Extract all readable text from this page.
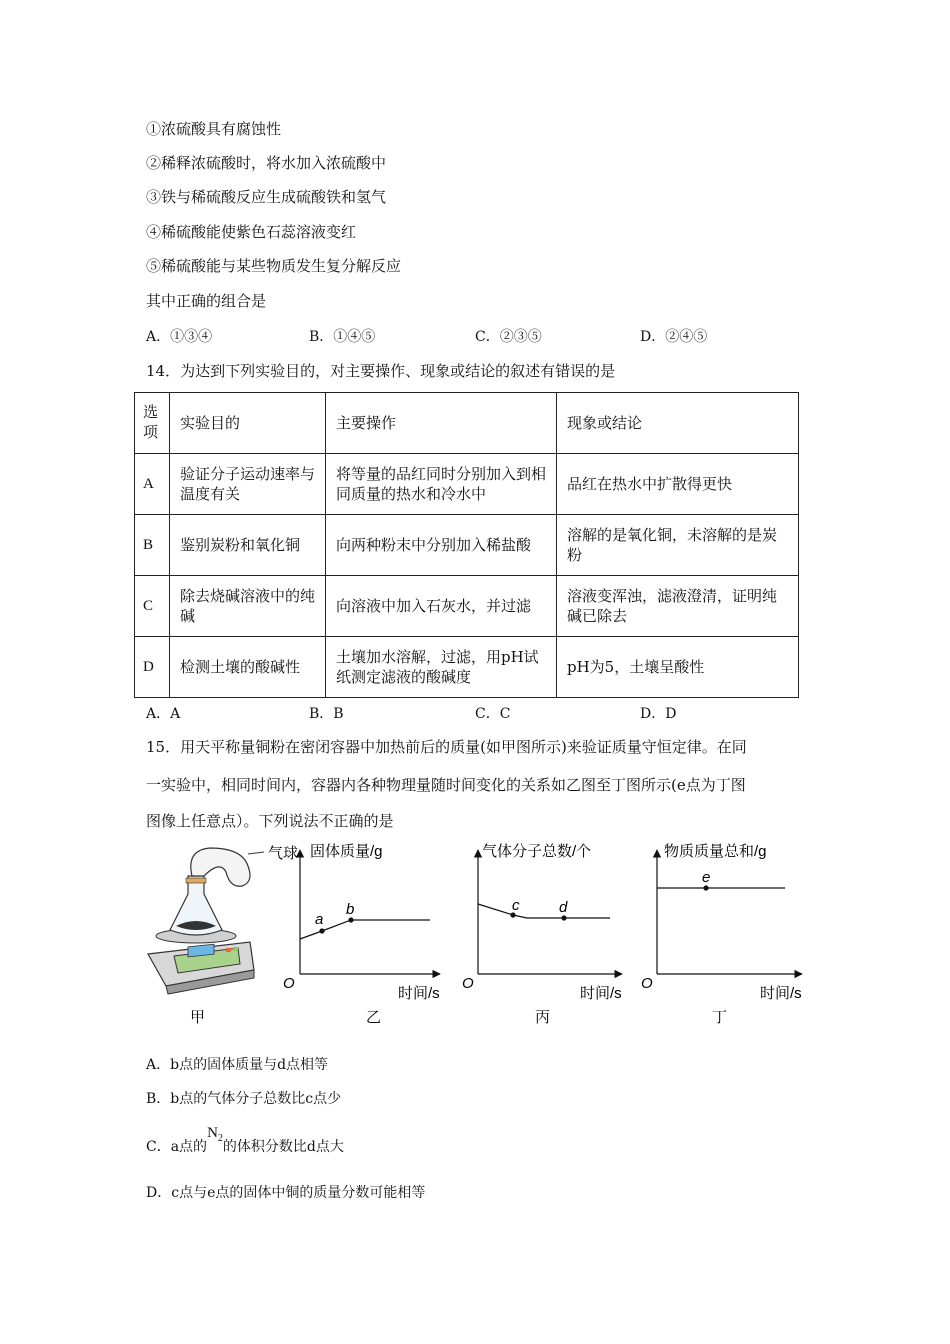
①浓硫酸具有腐蚀性
②稀释浓硫酸时，将水加入浓硫酸中
③铁与稀硫酸反应生成硫酸铁和氢气
④稀硫酸能使紫色石蕊溶液变红
⑤稀硫酸能与某些物质发生复分解反应
其中正确的组合是
A．①③④	B．①④⑤	C．②③⑤	D．②④⑤
14．为达到下列实验目的，对主要操作、现象或结论的叙述有错误的是
选项	实验目的	主要操作	现象或结论
A	验证分子运动速率与温度有关	将等量的品红同时分别加入到相同质量的热水和冷水中	品红在热水中扩散得更快
B	鉴别炭粉和氧化铜	向两种粉末中分别加入稀盐酸	溶解的是氧化铜，未溶解的是炭粉
C	除去烧碱溶液中的纯碱	向溶液中加入石灰水，并过滤	溶液变浑浊，滤液澄清，证明纯碱已除去
D	检测土壤的酸碱性	土壤加水溶解，过滤，用pH试纸测定滤液的酸碱度	pH为5，土壤呈酸性
A．A	B．B	C．C	D．D
15．用天平称量铜粉在密闭容器中加热前后的质量(如甲图所示)来验证质量守恒定律。在同
一实验中，相同时间内，容器内各种物理量随时间变化的关系如乙图至丁图所示(e点为丁图
图像上任意点）。下列说法不正确的是
气球 固体质量/g
a
b
O
时间/s
气体分子总数/个
c	d
O
时间/s
物质质量总和/g
e
O
时间/s
甲	乙	丙	丁
A．b点的固体质量与d点相等
B．b点的气体分子总数比c点少
C．a点的$N_2$的体积分数比d点大
D．c点与e点的固体中铜的质量分数可能相等
